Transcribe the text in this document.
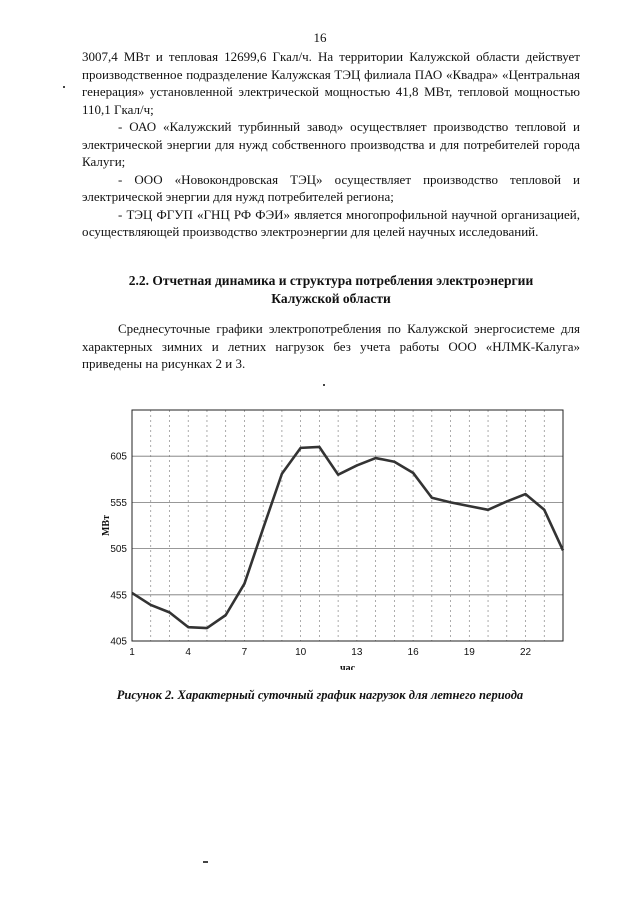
16

3007,4 МВт и тепловая 12699,6 Гкал/ч. На территории Калужской области действует производственное подразделение Калужская ТЭЦ филиала ПАО «Квадра» «Центральная генерация» установленной электрической мощностью 41,8 МВт, тепловой мощностью 110,1 Гкал/ч;

- ОАО «Калужский турбинный завод» осуществляет производство тепловой и электрической энергии для нужд собственного производства и для потребителей города Калуги;

- ООО «Новокондровская ТЭЦ» осуществляет производство тепловой и электрической энергии для нужд потребителей региона;

- ТЭЦ ФГУП «ГНЦ РФ ФЭИ» является многопрофильной научной организацией, осуществляющей производство электроэнергии для целей научных исследований.

2.2. Отчетная динамика и структура потребления электроэнергии
Калужской области

Среднесуточные графики электропотребления по Калужской энергосистеме для характерных зимних и летних нагрузок без учета работы ООО «НЛМК-Калуга» приведены на рисунках 2 и 3.

405
455
505
555
605
1	4	7	10	13	16	19	22
час
МВт
Рисунок 2. Характерный суточный график нагрузок для летнего периода
